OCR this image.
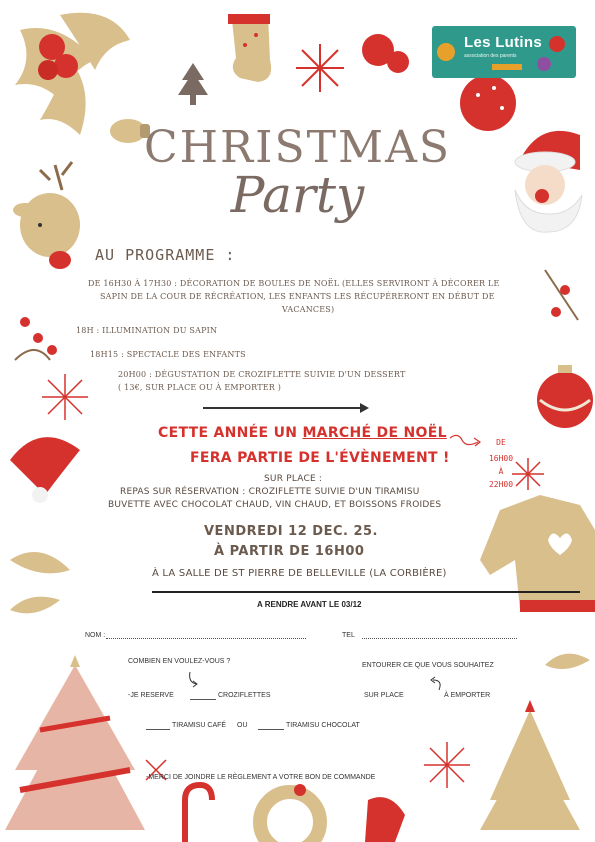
Les Lutins
association des parents
CHRISTMAS
Party
AU PROGRAMME :
DE 16H30 À 17H30 : DÉCORATION DE BOULES DE NOËL (ELLES SERVIRONT À DÉCORER LE
SAPIN DE LA COUR DE RÉCRÉATION, LES ENFANTS LES RÉCUPÉRERONT EN DÉBUT DE
VACANCES)
18H : ILLUMINATION DU SAPIN
18H15 : SPECTACLE DES ENFANTS
20H00 : DÉGUSTATION DE CROZIFLETTE SUIVIE D'UN DESSERT
( 13€, SUR PLACE OU À EMPORTER )
CETTE ANNÉE UN MARCHÉ DE NOËL
FERA PARTIE DE L'ÉVÈNEMENT !
DE
16H00
À
22H00
SUR PLACE :
REPAS SUR RÉSERVATION : CROZIFLETTE SUIVIE D'UN TIRAMISU
BUVETTE AVEC CHOCOLAT CHAUD, VIN CHAUD, ET BOISSONS FROIDES
VENDREDI 12 DEC. 25.
À PARTIR DE 16H00
À LA SALLE DE ST PIERRE DE BELLEVILLE (LA CORBIÈRE)
A RENDRE AVANT LE 03/12
NOM :	TEL
COMBIEN EN VOULEZ-VOUS ?
ENTOURER CE QUE VOUS SOUHAITEZ
-JE RESERVE	CROZIFLETTES	SUR PLACE	À EMPORTER
TIRAMISU CAFÉ OU	TIRAMISU CHOCOLAT
-MERCI DE JOINDRE LE RÈGLEMENT A VOTRE BON DE COMMANDE
